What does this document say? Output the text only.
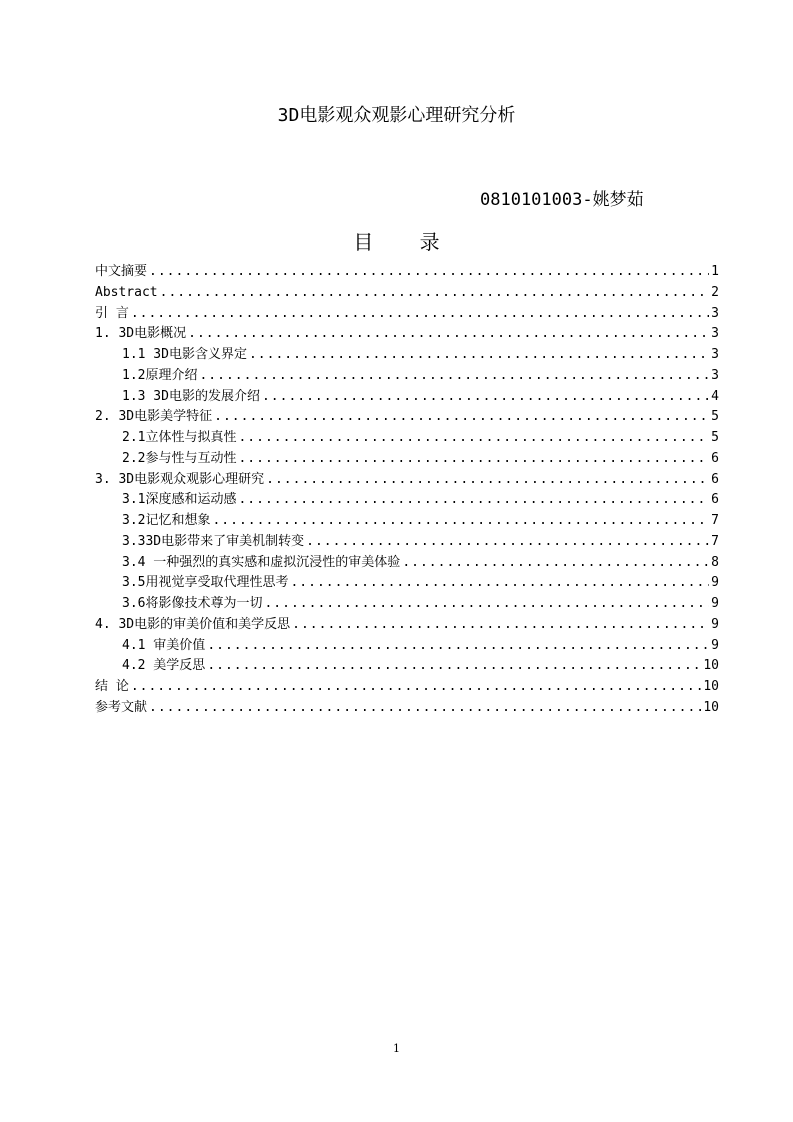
3D电影观众观影心理研究分析
0810101003-姚梦茹
目 录
中文摘要 .....	1
Abstract .....	2
引 言 .....	3
1. 3D电影概况 .....	3
1.1 3D电影含义界定 .....	3
1.2原理介绍 .....	3
1.3 3D电影的发展介绍 .....	4
2. 3D电影美学特征 .....	5
2.1立体性与拟真性 .....	5
2.2参与性与互动性 .....	6
3. 3D电影观众观影心理研究 .....	6
3.1深度感和运动感 .....	6
3.2记忆和想象 .....	7
3.33D电影带来了审美机制转变 .....	7
3.4 一种强烈的真实感和虚拟沉浸性的审美体验 .....	8
3.5用视觉享受取代理性思考 .....	9
3.6将影像技术尊为一切 .....	9
4. 3D电影的审美价值和美学反思 .....	9
4.1 审美价值 .....	9
4.2 美学反思 .....	10
结 论 .....	10
参考文献 .....	10
1
